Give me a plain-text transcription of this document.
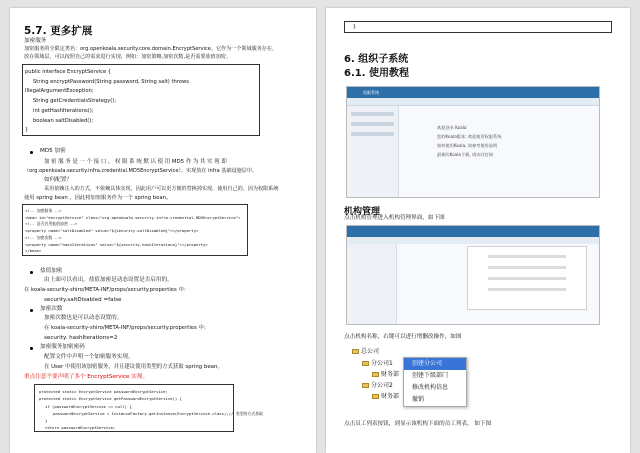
5.7. 更多扩展
加密服务
加密服务的全限定类名：org.openkoala.security.core.domain.EncryptService。它作为一个领域服务存在，
放在领域层，可以按照自己的需求进行实现。例如：加密策略,加密次数,是否需要盐值加密。
public interface EncryptService {
String encryptPassword(String password, String salt) throws
IllegalArgumentException;
String getCredentialsStrategy();
int getHashIterations();
boolean saltDisabled();
}
MD5 加密
加 密 服 务 是 一 个 接 口 ， 权 限 系 统 默 认 使 用 MD5 作 为 其 实 现 即
（org.openkoala.security.infra.credential.MD5EncryptService）。实现放在 infra 基础设施层中。
如何配置？
采用依赖注入的方式，不依赖具体实现，因此用户可以更方便的替换掉实现。使用自己的。因为权限系统
使用 spring bean ，因此将加密服务作为一个 spring bean。
<!-- 加密服务 -->
<bean id="encryptService" class="org.openkoala.security.infra.credential.MD5EncryptService">
<!-- 是否启用盐值加密 -->
<property name="saltDisabled" value="${security.saltDisabled}"></property>
<!-- 加密次数 -->
<property name="hashIterations" value="${security.hashIterations}"></property>
</bean>
盐值加密
由上面可以看出，盐值加密是动态设置是否启用的。
在 koala-security-shiro/META-INF/props/security.properties 中：
security.saltDisabled =false
加密次数
加密次数也是可以动态设置的。
在 koala-security-shiro/META-INF/props/security.properties 中：
security. hashIterations=2
加密服务加密密码
配置文件中声明一个加密服务实现。
在 User 中使用该加密服务，并且建议使用类型的方式获取 spring bean。
重点注意不要声明了多个 EncryptService 实现。
protected static EncryptService passwordEncryptService;
protected static EncryptService getPasswordEncryptService() {
if (passwordEncryptService == null) {
passwordEncryptService = InstanceFactory.getInstance(EncryptService.class);// 类型的方式获取
}
return passwordEncryptService;
}
6. 组织子系统
6.1. 使用教程
权限系统
欢迎登录 Koala
您的Koala版本: 欢迎使用权限系统
如何使用Koala, 请参考使用说明
最新的Koala下载, 请访问官网
机构管理
点击机构管理进入机构管理界面，如下图
点击机构名称，右键可以进行增删改操作，如图
总公司
分公司1
财务部
分公司2
财务部
创建分公司
创建下级部门
修改机构信息
撤销
点击员工列表按钮，到显示该机构下面的员工列表， 如下图
